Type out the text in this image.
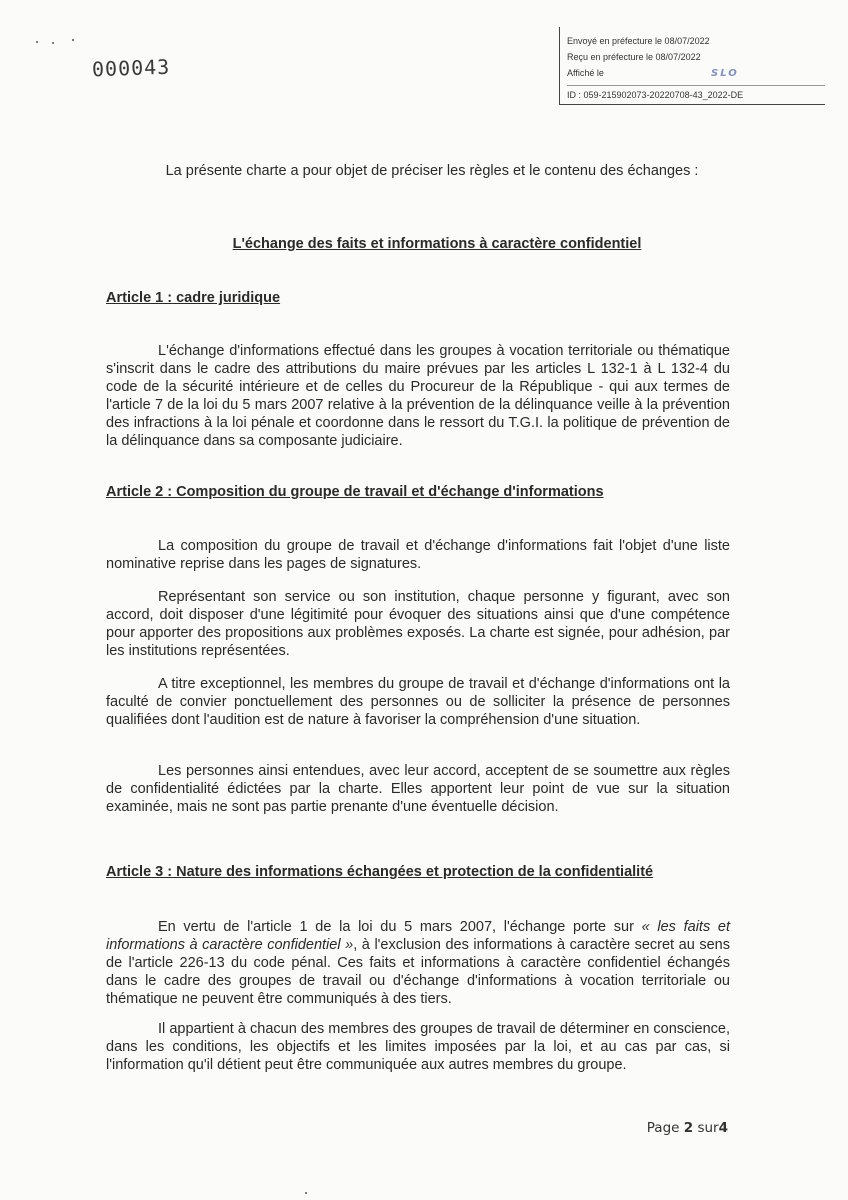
000043
Envoyé en préfecture le 08/07/2022
Reçu en préfecture le 08/07/2022
Affiché le	SLO
ID : 059-215902073-20220708-43_2022-DE
La présente charte a pour objet de préciser les règles et le contenu des échanges :
L'échange des faits et informations à caractère confidentiel
Article 1 : cadre juridique
L'échange d'informations effectué dans les groupes à vocation territoriale ou thématique s'inscrit dans le cadre des attributions du maire prévues par les articles L 132-1 à L 132-4 du code de la sécurité intérieure et de celles du Procureur de la République - qui aux termes de l'article 7 de la loi du 5 mars 2007 relative à la prévention de la délinquance veille à la prévention des infractions à la loi pénale et coordonne dans le ressort du T.G.I. la politique de prévention de la délinquance dans sa composante judiciaire.
Article 2 : Composition du groupe de travail et d'échange d'informations
La composition du groupe de travail et d'échange d'informations fait l'objet d'une liste nominative reprise dans les pages de signatures.
Représentant son service ou son institution, chaque personne y figurant, avec son accord, doit disposer d'une légitimité pour évoquer des situations ainsi que d'une compétence pour apporter des propositions aux problèmes exposés. La charte est signée, pour adhésion, par les institutions représentées.
A titre exceptionnel, les membres du groupe de travail et d'échange d'informations ont la faculté de convier ponctuellement des personnes ou de solliciter la présence de personnes qualifiées dont l'audition est de nature à favoriser la compréhension d'une situation.
Les personnes ainsi entendues, avec leur accord, acceptent de se soumettre aux règles de confidentialité édictées par la charte. Elles apportent leur point de vue sur la situation examinée, mais ne sont pas partie prenante d'une éventuelle décision.
Article 3 : Nature des informations échangées et protection de la confidentialité
En vertu de l'article 1 de la loi du 5 mars 2007, l'échange porte sur « les faits et informations à caractère confidentiel », à l'exclusion des informations à caractère secret au sens de l'article 226-13 du code pénal. Ces faits et informations à caractère confidentiel échangés dans le cadre des groupes de travail ou d'échange d'informations à vocation territoriale ou thématique ne peuvent être communiqués à des tiers.
Il appartient à chacun des membres des groupes de travail de déterminer en conscience, dans les conditions, les objectifs et les limites imposées par la loi, et au cas par cas, si l'information qu'il détient peut être communiquée aux autres membres du groupe.
Page 2 sur4
